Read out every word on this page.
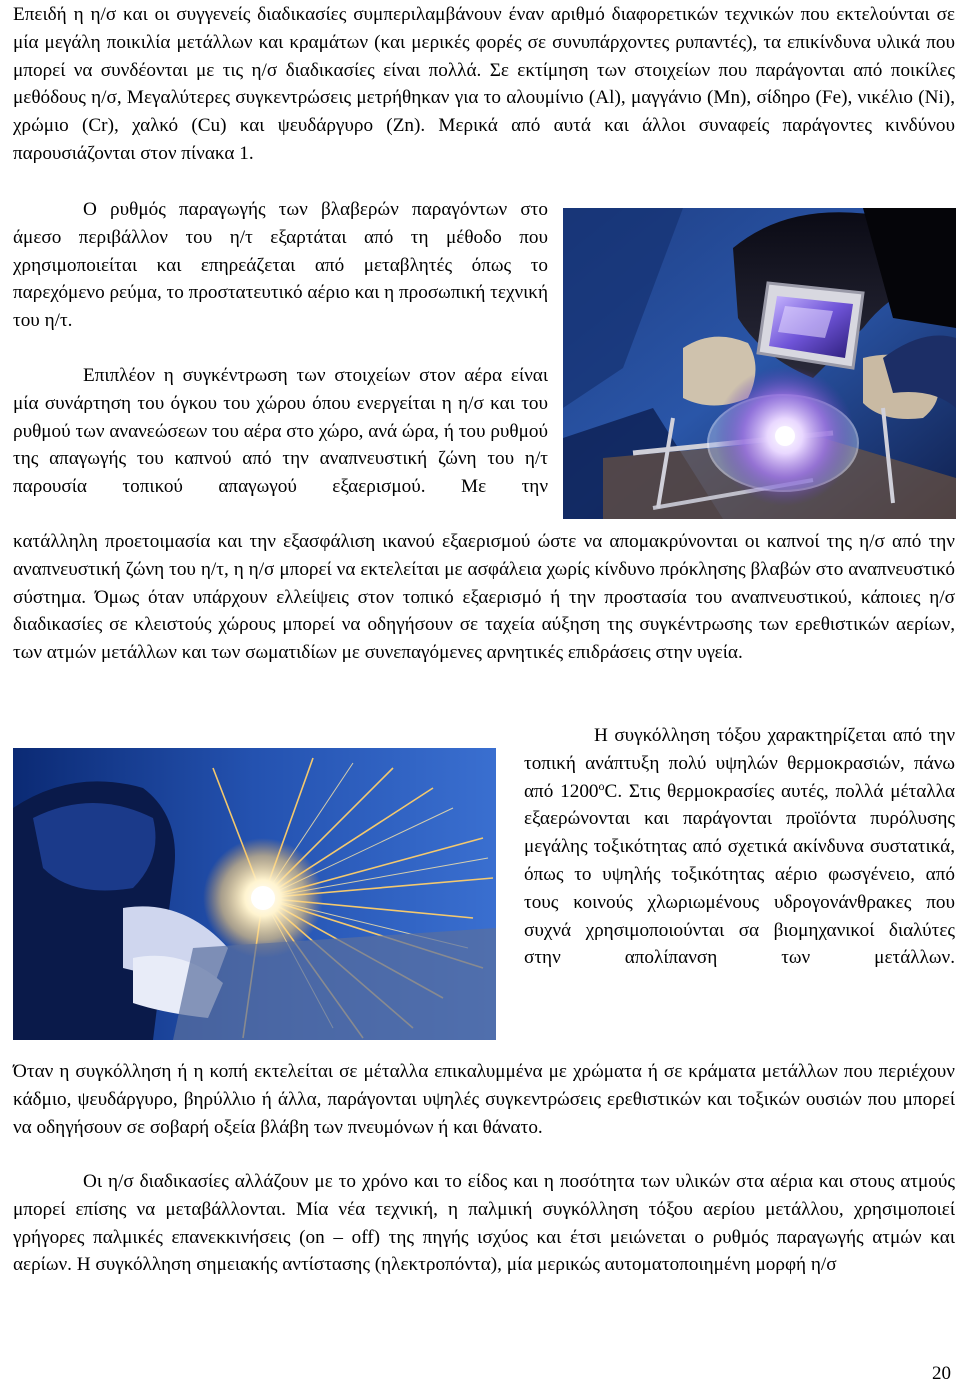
Επειδή η η/σ και οι συγγενείς διαδικασίες συμπεριλαμβάνουν έναν αριθμό διαφορετικών τεχνικών που εκτελούνται σε μία μεγάλη ποικιλία μετάλλων και κραμάτων (και μερικές φορές σε συνυπάρχοντες ρυπαντές), τα επικίνδυνα υλικά που μπορεί να συνδέονται με τις η/σ διαδικασίες είναι πολλά. Σε εκτίμηση των στοιχείων που παράγονται από ποικίλες μεθόδους η/σ, Μεγαλύτερες συγκεντρώσεις μετρήθηκαν για το αλουμίνιο (Al), μαγγάνιο (Mn), σίδηρο (Fe), νικέλιο (Ni), χρώμιο (Cr), χαλκό (Cu) και ψευδάργυρο (Zn). Μερικά από αυτά και άλλοι συναφείς παράγοντες κινδύνου παρουσιάζονται στον πίνακα 1.

Ο ρυθμός παραγωγής των βλαβερών παραγόντων στο άμεσο περιβάλλον του η/τ εξαρτάται από τη μέθοδο που χρησιμοποιείται και επηρεάζεται από μεταβλητές όπως το παρεχόμενο ρεύμα, το προστατευτικό αέριο και η προσωπική τεχνική του η/τ.

Επιπλέον η συγκέντρωση των στοιχείων στον αέρα είναι μία συνάρτηση του όγκου του χώρου όπου ενεργείται η η/σ και του ρυθμού των ανανεώσεων του αέρα στο χώρο, ανά ώρα, ή του ρυθμού της απαγωγής του καπνού από την αναπνευστική ζώνη του η/τ παρουσία τοπικού απαγωγού εξαερισμού. Με την

κατάλληλη προετοιμασία και την εξασφάλιση ικανού εξαερισμού ώστε να απομακρύνονται οι καπνοί της η/σ από την αναπνευστική ζώνη του η/τ, η η/σ μπορεί να εκτελείται με ασφάλεια χωρίς κίνδυνο πρόκλησης βλαβών στο αναπνευστικό σύστημα. Όμως όταν υπάρχουν ελλείψεις στον τοπικό εξαερισμό ή την προστασία του αναπνευστικού, κάποιες η/σ διαδικασίες σε κλειστούς χώρους μπορεί να οδηγήσουν σε ταχεία αύξηση της συγκέντρωσης των ερεθιστικών αερίων, των ατμών μετάλλων και των σωματιδίων με συνεπαγόμενες αρνητικές επιδράσεις στην υγεία.

Η συγκόλληση τόξου χαρακτηρίζεται από την τοπική ανάπτυξη πολύ υψηλών θερμοκρασιών, πάνω από 1200$^o$C. Στις θερμοκρασίες αυτές, πολλά μέταλλα εξαερώνονται και παράγονται προϊόντα πυρόλυσης μεγάλης τοξικότητας από σχετικά ακίνδυνα συστατικά, όπως το υψηλής τοξικότητας αέριο φωσγένειο, από τους κοινούς χλωριωμένους υδρογονάνθρακες που συχνά χρησιμοποιούνται σα βιομηχανικοί διαλύτες στην απολίπανση των μετάλλων.

Όταν η συγκόλληση ή η κοπή εκτελείται σε μέταλλα επικαλυμμένα με χρώματα ή σε κράματα μετάλλων που περιέχουν κάδμιο, ψευδάργυρο, βηρύλλιο ή άλλα, παράγονται υψηλές συγκεντρώσεις ερεθιστικών και τοξικών ουσιών που μπορεί να οδηγήσουν σε σοβαρή οξεία βλάβη των πνευμόνων ή και θάνατο.

Οι η/σ διαδικασίες αλλάζουν με το χρόνο και το είδος και η ποσότητα των υλικών στα αέρια και στους ατμούς μπορεί επίσης να μεταβάλλονται. Μία νέα τεχνική, η παλμική συγκόλληση τόξου αερίου μετάλλου, χρησιμοποιεί γρήγορες παλμικές επανεκκινήσεις (on – off) της πηγής ισχύος και έτσι μειώνεται ο ρυθμός παραγωγής ατμών και αερίων. Η συγκόλληση σημειακής αντίστασης (ηλεκτροπόντα), μία μερικώς αυτοματοποιημένη μορφή η/σ

20
